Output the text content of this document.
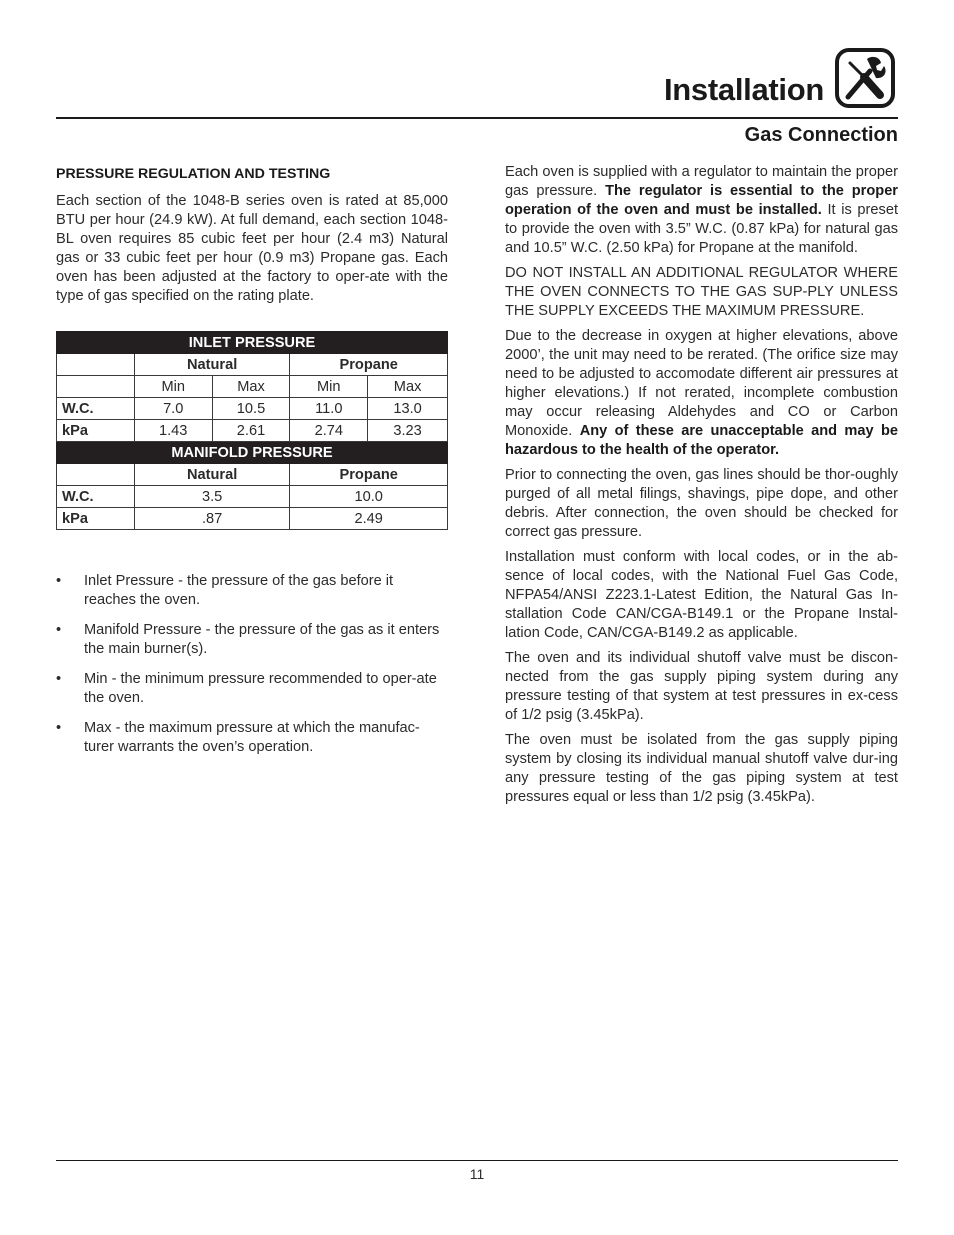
Installation
Gas Connection
PRESSURE REGULATION AND TESTING

Each section of the 1048-B series oven is rated at 85,000 BTU per hour (24.9 kW). At full demand, each section 1048-BL oven requires 85 cubic feet per hour (2.4 m3) Natural gas or 33 cubic feet per hour (0.9 m3) Propane gas. Each oven has been adjusted at the factory to oper-ate with the type of gas specified on the rating plate.

INLET PRESSURE				
	Natural		Propane	
	Min	Max	Min	Max
W.C.	7.0	10.5	11.0	13.0
kPa	1.43	2.61	2.74	3.23
MANIFOLD PRESSURE				
	Natural		Propane	
W.C.	3.5		10.0	
kPa	.87		2.49	
• Inlet Pressure - the pressure of the gas before it reaches the oven.
• Manifold Pressure - the pressure of the gas as it enters the main burner(s).
• Min - the minimum pressure recommended to oper-ate the oven.
• Max - the maximum pressure at which the manufac-turer warrants the oven’s operation.

Each oven is supplied with a regulator to maintain the proper gas pressure. The regulator is essential to the proper operation of the oven and must be installed. It is preset to provide the oven with 3.5” W.C. (0.87 kPa) for natural gas and 10.5” W.C. (2.50 kPa) for Propane at the manifold.

DO NOT INSTALL AN ADDITIONAL REGULATOR WHERE THE OVEN CONNECTS TO THE GAS SUP-PLY UNLESS THE SUPPLY EXCEEDS THE MAXIMUM PRESSURE.

Due to the decrease in oxygen at higher elevations, above 2000’, the unit may need to be rerated. (The orifice size may need to be adjusted to accomodate different air pressures at higher elevations.) If not rerated, incomplete combustion may occur releasing Aldehydes and CO or Carbon Monoxide. Any of these are unacceptable and may be hazardous to the health of the operator.

Prior to connecting the oven, gas lines should be thor-oughly purged of all metal filings, shavings, pipe dope, and other debris. After connection, the oven should be checked for correct gas pressure.

Installation must conform with local codes, or in the ab-sence of local codes, with the National Fuel Gas Code, NFPA54/ANSI Z223.1-Latest Edition, the Natural Gas In-stallation Code CAN/CGA-B149.1 or the Propane Instal-lation Code, CAN/CGA-B149.2 as applicable.

The oven and its individual shutoff valve must be discon-nected from the gas supply piping system during any pressure testing of that system at test pressures in ex-cess of 1/2 psig (3.45kPa).

The oven must be isolated from the gas supply piping system by closing its individual manual shutoff valve dur-ing any pressure testing of the gas piping system at test pressures equal or less than 1/2 psig (3.45kPa).

11
